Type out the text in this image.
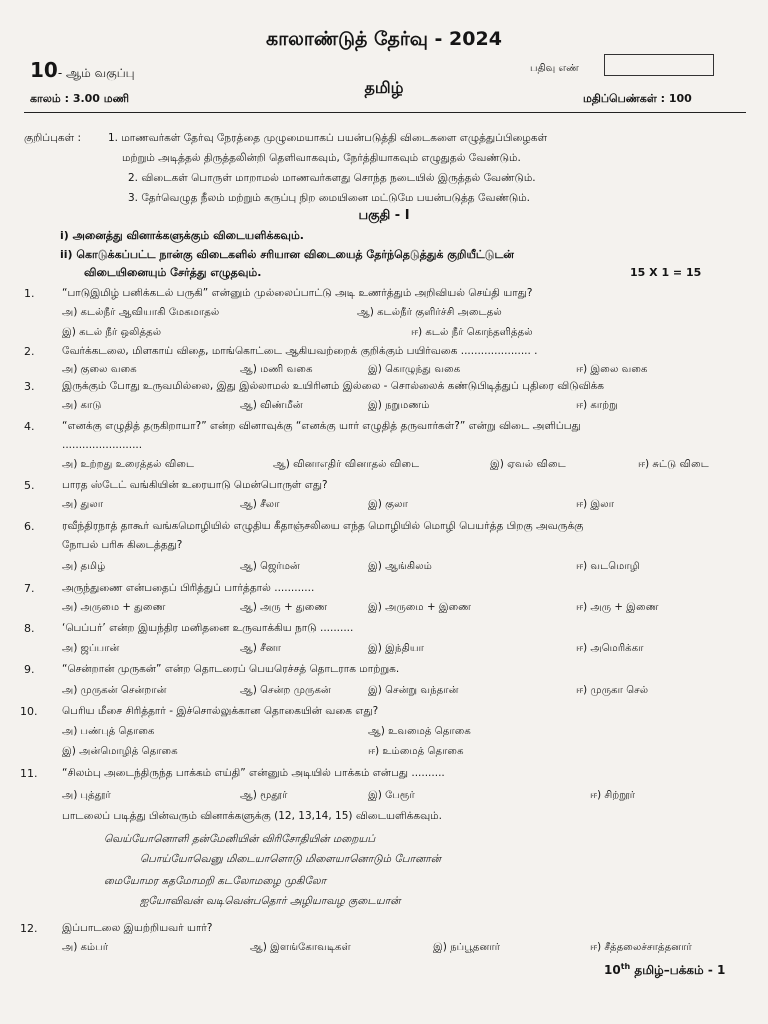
காலாண்டுத் தேர்வு - 2024
10- ஆம் வகுப்பு	பதிவு எண்
தமிழ்
காலம் : 3.00 மணி	மதிப்பெண்கள் : 100
குறிப்புகள் :	1. மாணவர்கள் தேர்வு நேரத்தை முழுமையாகப் பயன்படுத்தி விடைகளை எழுத்துப்பிழைகள்
மற்றும் அடித்தல் திருத்தலின்றி தெளிவாகவும், நேர்த்தியாகவும் எழுதுதல் வேண்டும்.
2. விடைகள் பொருள் மாறாமல் மாணவர்களது சொந்த நடையில் இருத்தல் வேண்டும்.
3. தேர்வெழுத நீலம் மற்றும் கருப்பு நிற மையினை மட்டுமே பயன்படுத்த வேண்டும்.
பகுதி - I
i) அனைத்து வினாக்களுக்கும் விடையளிக்கவும்.
ii) கொடுக்கப்பட்ட நான்கு விடைகளில் சரியான விடையைத் தேர்ந்தெடுத்துக் குறியீட்டுடன்
விடையினையும் சேர்த்து எழுதவும்.	15 X 1 = 15
1.	“பாடுஇமிழ் பனிக்கடல் பருகி” என்னும் முல்லைப்பாட்டு அடி உணர்த்தும் அறிவியல் செய்தி யாது?
அ) கடல்நீர் ஆவியாகி மேகமாதல்	ஆ) கடல்நீர் குளிர்ச்சி அடைதல்
இ) கடல் நீர் ஒலித்தல்	ஈ) கடல் நீர் கொந்தளித்தல்
2.	வேர்க்கடலை, மிளகாய் விதை, மாங்கொட்டை ஆகியவற்றைக் குறிக்கும் பயிர்வகை ..................... .
அ) குலை வகை	ஆ) மணி வகை	இ) கொழுந்து வகை	ஈ) இலை வகை
3.	இருக்கும் போது உருவமில்லை, இது இல்லாமல் உயிரினம் இல்லை - சொல்லைக் கண்டுபிடித்துப் புதிரை விடுவிக்க
அ) காடு	ஆ) விண்மீன்	இ) நறுமணம்	ஈ) காற்று
4.	“எனக்கு எழுதித் தருகிறாயா?” என்ற வினாவுக்கு “எனக்கு யார் எழுதித் தருவார்கள்?” என்று விடை அளிப்பது
........................
அ) உற்றது உரைத்தல் விடை	ஆ) வினாஎதிர் வினாதல் விடை	இ) ஏவல் விடை	ஈ) சுட்டு விடை
5.	பாரத ஸ்டேட் வங்கியின் உரையாடு மென்பொருள் எது?
அ) துலா	ஆ) சீலா	இ) குலா	ஈ) இலா
6.	ரவீந்திரநாத் தாகூர் வங்கமொழியில் எழுதிய கீதாஞ்சலியை எந்த மொழியில் மொழி பெயர்த்த பிறகு அவருக்கு
நோபல் பரிசு கிடைத்தது?
அ) தமிழ்	ஆ) ஜெர்மன்	இ) ஆங்கிலம்	ஈ) வடமொழி
7.	அருந்துணை என்பதைப் பிரித்துப் பார்த்தால் ............
அ) அருமை + துணை	ஆ) அரு + துணை	இ) அருமை + இணை	ஈ) அரு + இணை
8.	‘பெப்பர்’ என்ற இயந்திர மனிதனை உருவாக்கிய நாடு ..........
அ) ஜப்பான்	ஆ) சீனா	இ) இந்தியா	ஈ) அமெரிக்கா
9.	“சென்றான் முருகன்” என்ற தொடரைப் பெயரெச்சத் தொடராக மாற்றுக.
அ) முருகன் சென்றான்	ஆ) சென்ற முருகன்	இ) சென்று வந்தான்	ஈ) முருகா செல்
10. பெரிய மீசை சிரித்தார் - இச்சொல்லுக்கான தொகையின் வகை எது?
அ) பண்புத் தொகை	ஆ) உவமைத் தொகை
இ) அன்மொழித் தொகை	ஈ) உம்மைத் தொகை
11. “சிலம்பு அடைந்திருந்த பாக்கம் எய்தி” என்னும் அடியில் பாக்கம் என்பது ..........
அ) புத்தூர்	ஆ) மூதூர்	இ) பேரூர்	ஈ) சிற்றூர்
பாடலைப் படித்து பின்வரும் வினாக்களுக்கு (12, 13,14, 15) விடையளிக்கவும்.
வெய்யோனொளி தன்மேனியின் விரிசோதியின் மறையப்
பொய்யோவெனு மிடையாளொடு மிளையானொடும் போனான்
மையோமர கதமோமறி கடலோமழை முகிலோ
ஐயோவிவன் வடிவென்பதொர் அழியாவழ குடையான்
12. இப்பாடலை இயற்றியவர் யார்?
அ) கம்பர்	ஆ) இளங்கோவடிகள்	இ) நப்பூதனார்	ஈ) சீத்தலைச்சாத்தனார்
10th தமிழ்–பக்கம் - 1
